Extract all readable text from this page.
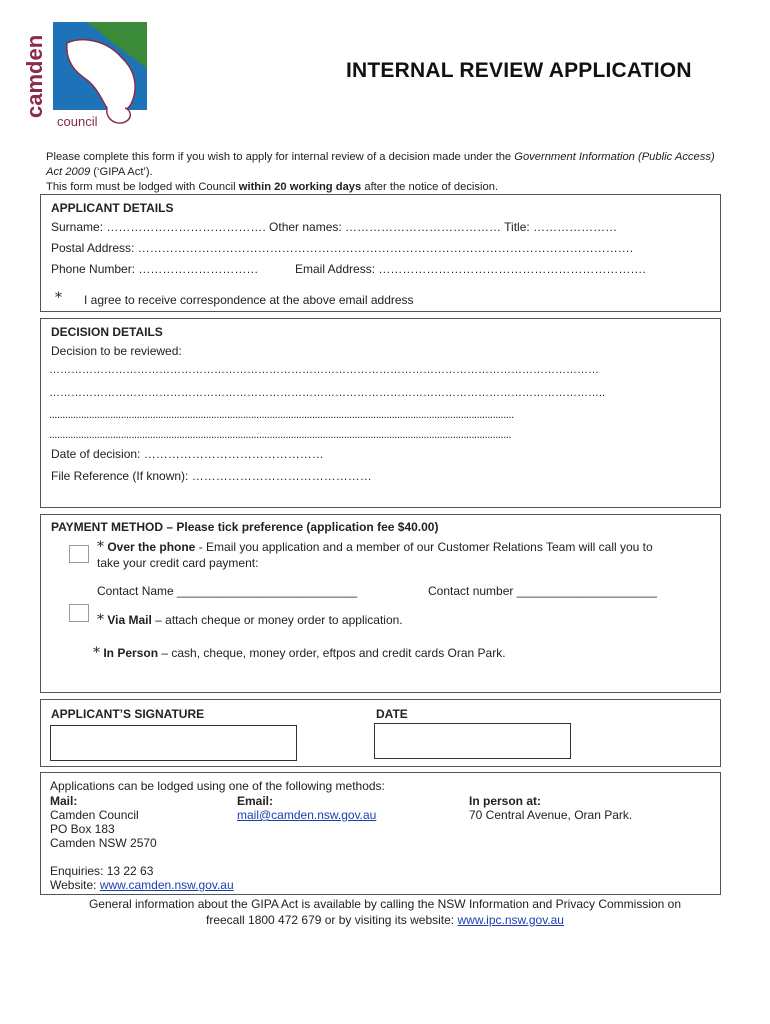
camden
council
INTERNAL REVIEW APPLICATION
Please complete this form if you wish to apply for internal review of a decision made under the Government Information (Public Access) Act 2009 (‘GIPA Act’).
This form must be lodged with Council within 20 working days after the notice of decision.
APPLICANT DETAILS
Surname: …………………………………. Other names: ………………………………… Title: …………………
Postal Address: …………………………………………………………………………………………………………….
Phone Number: …………………………	Email Address: ………………………………………………………….
* I agree to receive correspondence at the above email address
DECISION DETAILS
Decision to be reviewed:
……………………………………………………………………………………………………………………………………
……………………………………………………………………………………………………………………………………..
...............................................................................................................................................................................
..............................................................................................................................................................................
Date of decision: ………………………………………
File Reference (If known): ………………………………………
PAYMENT METHOD – Please tick preference (application fee $40.00)
* Over the phone - Email you application and a member of our Customer Relations Team will call you to
take your credit card payment:
Contact Name ___________________________	Contact number _____________________
* Via Mail – attach cheque or money order to application.
* In Person – cash, cheque, money order, eftpos and credit cards Oran Park.
APPLICANT’S SIGNATURE	DATE
Applications can be lodged using one of the following methods:
Mail:
Camden Council
PO Box 183
Camden NSW 2570
Email:
mail@camden.nsw.gov.au
In person at:
70 Central Avenue, Oran Park.
Enquiries: 13 22 63
Website: www.camden.nsw.gov.au
General information about the GIPA Act is available by calling the NSW Information and Privacy Commission on
freecall 1800 472 679 or by visiting its website: www.ipc.nsw.gov.au
